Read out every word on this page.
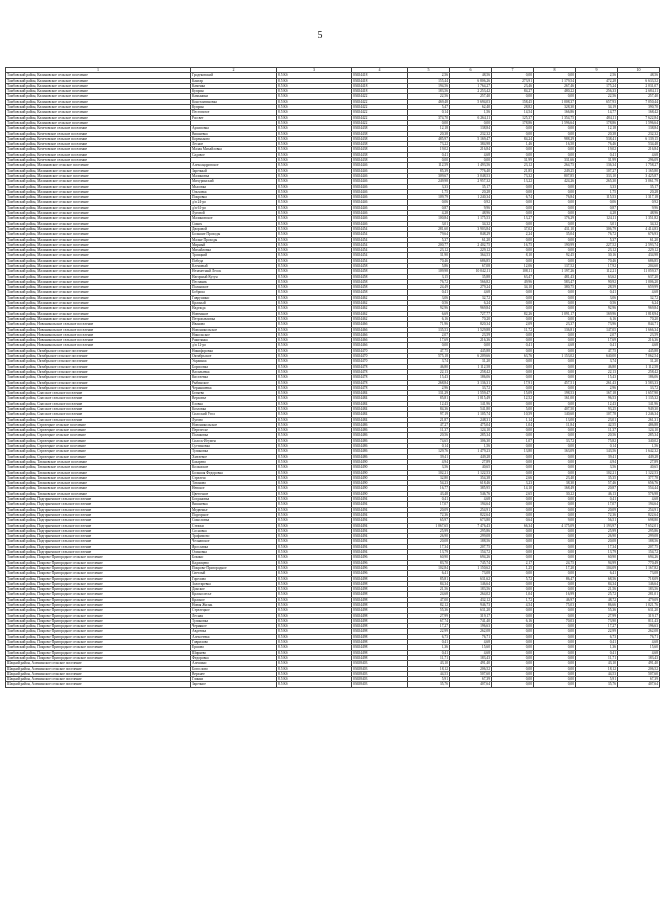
5
1	2	3	4	5	6	7	8	9	10
Тамбовский район, Калиновское сельское поселение	Гродековский	8.5 Кб	03654418	2,56	48,56	0,00	0,00	2,56	48,56
Тамбовский район, Калиновское сельское поселение	Кантар	8.5 Кб	03654418	155,44	6 806,26	273,91	1 179,54	472,28	6 633,52
Тамбовский район, Калиновское сельское поселение	Каменка	8.5 Кб	03654418	194,56	1 764,27	23,46	267,46	175,24	2 031,07
Тамбовский район, Калиновское сельское поселение	Куприн	8.5 Кб	03654418	183,56	2 253,42	84,27	480,22	256,33	2 684,11
Тамбовский район, Калиновское сельское поселение	Камынина	8.5 Кб	03654422	22,56	257,40	0,00	0,00	22,56	257,40
Тамбовский район, Калиновское сельское поселение	Константиновка	8.5 Кб	03654422	469,48	5 694,03	158,45	1 008,37	657,93	7 050,44
Тамбовский район, Калиновское сельское поселение	Куприн	8.5 Кб	03654422	5,47	62,40	28,82	328,30	34,19	390,70
Тамбовский район, Калиновское сельское поселение	Пестоватое	8.5 Кб	03654422	0,14	1,56	14,54	166,86	14,77	168,42
Тамбовский район, Калиновское сельское поселение	Рассвет	8.5 Кб	03654422	374,70	6 264,11	125,37	1 354,75	484,11	7 622,84
Тамбовский район, Калиновское сельское поселение		8.5 Кб	03654422	0,00	0,00	178,86	1 596,64	178,86	1 596,64
Тамбовский район, Кочетовское сельское поселение	Архиповка	8.5 Кб	03654438	12,18	138,84	0,00	0,00	12,18	138,84
Тамбовский район, Кочетовское сельское поселение	Вишневка	8.5 Кб	03654438	20,38	232,32	0,00	0,00	20,38	232,32
Тамбовский район, Кочетовское сельское поселение	Кореньково	8.5 Кб	03654438	485,97	5 169,47	84,24	988,29	538,41	6 139,15
Тамбовский район, Кочетовское сельское поселение	Лесное	8.5 Кб	03654438	73,22	384,98	1,46	16,50	76,46	534,48
Тамбовский район, Кочетовское сельское поселение	Малая Михайловка	8.5 Кб	03654438	19,02	216,84	0,00	0,00	19,02	216,84
Тамбовский район, Кочетовское сельское поселение	Садовое	8.5 Кб	03654438	0,41	4,68	0,00	0,00	0,41	4,68
Тамбовский район, Кочетовское сельское поселение		8.5 Кб	03654438	0,00	0,00	31,99	331,66	31,99	296,09
Тамбовский район, Малиновское сельское поселение	Александровское	8.5 Кб	03654446	112,59	1 493,56	23,12	264,75	136,34	1 758,27
Тамбовский район, Малиновское сельское поселение	Заречный	8.5 Кб	03654446	85,39	776,40	21,85	249,25	107,27	1 165,80
Тамбовский район, Малиновское сельское поселение	Малиновка	8.5 Кб	03654446	309,67	3 048,53	73,32	807,85	333,10	3 425,87
Тамбовский район, Малиновское сельское поселение	Мичуринский	8.5 Кб	03654446	249,98	2 957,32	13,22	424,26	265,30	3 061,79
Тамбовский район, Малиновское сельское поселение	Мысовка	8.5 Кб	03654446	3,33	35,17	0,00	0,00	3,33	35,17
Тамбовский район, Малиновское сельское поселение	Ольховка	8.5 Кб	03654446	1,75	20,28	0,00	0,00	1,75	20,28
Тамбовский район, Малиновское сельское поселение	Покровка	8.5 Кб	03654446	109,79	1 240,34	6,74	76,84	115,53	1 317,18
Тамбовский район, Малиновское сельское поселение	д/п 24-ро	8.5 Кб	03654446	0,06	0,92	0,00	0,00	0,06	0,92
Тамбовский район, Малиновское сельское поселение	д/п 61-ро	8.5 Кб	03654446	0,87	9,96	0,00	0,00	0,87	9,96
Тамбовский район, Малиновское сельское поселение	Луговой	8.5 Кб	03654446	4,28	48,96	0,00	0,00	4,28	48,96
Тамбовский район, Малиновское сельское поселение	Малиновское	8.5 Кб	03654446	100,84	1 175,53	13,27	176,29	124,11	1 351,82
Тамбовский район, Малиновское сельское поселение	Смыгь	8.5 Кб	03654446	3,01	34,32	0,00	0,00	3,01	34,32
Тамбовский район, Малиновское сельское поселение	Дворовой	8.5 Кб	03654454	281,60	3 903,84	37,02	431,10	306,79	4 414,83
Тамбовский район, Малиновское сельское поселение	Большие Проходы	8.5 Кб	03654454	79,64	848,29	2,24	35,04	76,72	676,93
Тамбовский район, Малиновское сельское поселение	Малые Проходы	8.5 Кб	03654454	5,37	61,20	0,00	0,00	5,37	61,20
Тамбовский район, Малиновское сельское поселение	Мирный	8.5 Кб	03654454	200,77	2 402,75	16,75	190,99	227,52	2 593,74
Тамбовский район, Малиновское сельское поселение	Михайловка	8.5 Кб	03654454	23,12	229,12	0,00	0,00	23,12	229,12
Тамбовский район, Малиновское сельское поселение	Троицкий	8.5 Кб	03654454	31,90	364,53	8,10	92,45	30,16	434,98
Тамбовский район, Малиновское сельское поселение	Победа	8.5 Кб	03654454	70,46	686,85	0,00	0,00	70,46	686,85
Тамбовский район, Малиновское сельское поселение	Кленовый	8.5 Кб	03654458	5,86	67,08	12,06	137,52	17,92	204,60
Тамбовский район, Малиновское сельское поселение	Незаметный Лесок	8.5 Кб	03654458	109,98	10 042,11	108,11	1 197,26	112,21	11 059,37
Тамбовский район, Малиновское сельское поселение	Нагорный Кутун	8.5 Кб	03654458	3,15	35,88	63,47	481,43	63,62	637,20
Тамбовский район, Малиновское сельское поселение	Песчаник	8.5 Кб	03654458	76,72	566,82	49,96	583,47	90,92	1 006,20
Тамбовский район, Малиновское сельское поселение	Полянское	8.5 Кб	03654458	24,49	279,24	34,10	380,75	28,59	659,99
Тамбовский район, Малиновское сельское поселение	Бобриха	8.5 Кб	03654458	0,41	4,68	0,00	0,00	0,41	4,68
Тамбовский район, Малиновское сельское поселение	Гаврушино	8.5 Кб	03654462	3,06	32,72	0,00	0,00	3,06	32,72
Тамбовский район, Малиновское сельское поселение	Красный	8.5 Кб	03654462	0,56	6,24	0,00	0,00	0,56	6,24
Тамбовский район, Малиновское сельское поселение	Надежда	8.5 Кб	03654462	92,96	969,84	0,00	0,00	92,96	969,84
Тамбовский район, Малиновское сельское поселение	Новенькое	8.5 Кб	03654462	6,69	727,77	82,26	1 091,17	169,96	1 818,94
Тамбовский район, Малиновское сельское поселение	Петропавловка	8.5 Кб	03654462	6,16	70,20	0,00	0,00	6,16	70,20
Тамбовский район, Новоникольское сельское поселение	Иваново	8.5 Кб	03654466	71,96	820,34	2,09	23,37	73,96	844,71
Тамбовский район, Новоникольское сельское поселение	Новоникольское	8.5 Кб	03654466	135,53	1 529,88	11,72	136,81	147,05	1 666,34
Тамбовский район, Новоникольское сельское поселение	Никольское	8.5 Кб	03654466	2,07	23,59	0,00	0,00	2,07	23,59
Тамбовский район, Новоникольское сельское поселение	Ракитянка	8.5 Кб	03654466	17,69	216,36	0,00	0,00	17,69	216,36
Тамбовский район, Новоникольское сельское поселение	д/п 12-ро	8.5 Кб	03654466	0,00	0,00	0,41	4,68	0,41	4,68
Тамбовский район, Октябрьское сельское поселение	Никифоровка	8.5 Кб	03654470	47,75	445,88	0,00	0,00	47,75	445,88
Тамбовский район, Октябрьское сельское поселение	Октябрьское	8.5 Кб	03654470	575,18	6 209,66	63,76	1 153,02	640,00	7 062,54
Тамбовский район, Октябрьское сельское поселение	Украинка	8.5 Кб	03654470	3,74	31,20	0,00	0,00	3,74	31,20
Тамбовский район, Октябрьское сельское поселение	Борисовка	8.5 Кб	03654478	46,80	1 112,58	0,00	0,00	46,80	1 112,58
Тамбовский район, Октябрьское сельское поселение	Васильевка	8.5 Кб	03654478	22,13	258,42	0,00	0,00	22,13	258,42
Тамбовский район, Октябрьское сельское поселение	Киселевка	8.5 Кб	03654478	15,43	186,06	0,00	0,00	15,43	186,06
Тамбовский район, Октябрьское сельское поселение	Рыбинское	8.5 Кб	03654478	268,84	3 136,31	17,91	457,51	261,43	3 583,33
Тамбовский район, Октябрьское сельское поселение	Чернышевка	8.5 Кб	03654478	2,96	33,72	0,00	0,00	2,96	33,72
Тамбовский район, Спасское сельское поселение	Беляево	8.5 Кб	03654484	131,29	1 559,47	15,09	198,53	167,18	1 657,90
Тамбовский район, Спасское сельское поселение	Верховье	8.5 Кб	03654484	85,81	1 015,49	12,52	161,00	96,53	1 135,32
Тамбовский район, Спасское сельское поселение	Еловка	8.5 Кб	03654484	12,43	141,96	0,00	0,00	12,43	141,96
Тамбовский район, Спасское сельское поселение	Козловка	8.5 Кб	03654484	84,36	541,80	5,00	407,50	93,25	949,30
Тамбовский район, Спасское сельское поселение	Спасский Угол	8.5 Кб	03654484	97,19	1 105,74	10,59	140,60	107,78	1 246,34
Тамбовский район, Спасское сельское поселение	Лугово	8.5 Кб	03654484	21,87	248,31	1,14	13,00	23,01	261,31
Тамбовский район, Стрелецкое сельское поселение	Новоникольское	8.5 Кб	03654486	47,27	475,04	1,04	11,84	42,55	486,88
Тамбовский район, Стрелецкое сельское поселение	Перелесье	8.5 Кб	03654486	11,37	124,10	0,00	0,00	11,37	124,10
Тамбовский район, Стрелецкое сельское поселение	Поляковка	8.5 Кб	03654486	20,56	285,34	0,00	0,00	20,56	285,34
Тамбовский район, Стрелецкое сельское поселение	Спасск-Игумен	8.5 Кб	03654486	74,65	306,30	1,07	33,72	75,82	340,02
Тамбовский район, Стрелецкое сельское поселение	Суттиновка	8.5 Кб	03654486	0,14	1,56	0,00	0,00	0,14	1,56
Тамбовский район, Стрелецкое сельское поселение	Тулиновка	8.5 Кб	03654486	129,76	1 479,23	13,80	163,09	143,56	1 642,32
Тамбовский район, Стрелецкое сельское поселение	Хмелевое	8.5 Кб	03654486	39,41	449,28	0,00	0,00	39,41	449,28
Тамбовский район, Татановское сельское поселение	Бахарево	8.5 Кб	03654490	4,94	27,89	0,00	0,00	4,94	27,89
Тамбовский район, Татановское сельское поселение	Кольмское	8.5 Кб	03654490	3,56	40,65	0,00	0,00	3,56	40,65
Тамбовский район, Татановское сельское поселение	Большая Федоровка	8.5 Кб	03654490	102,21	1 122,53	0,00	0,00	102,21	1 122,53
Тамбовский район, Татановское сельское поселение	Стрелеш	8.5 Кб	03654490	32,80	354,38	2,66	23,40	35,35	377,78
Тамбовский район, Татановское сельское поселение	Татаново	8.5 Кб	03654490	54,23	618,46	3,23	38,30	57,46	656,76
Тамбовский район, Татановское сельское поселение	Невское	8.5 Кб	03654490	16,77	385,95	14,10	168,49	20,87	554,44
Тамбовский район, Татановское сельское поселение	Цветочное	8.5 Кб	03654490	43,48	546,76	2,65	30,22	46,13	576,98
Тамбовский район, Подгорненское сельское поселение	Богдановка	8.5 Кб	03654494	0,41	4,68	0,00	0,00	0,41	4,68
Тамбовский район, Подгорненское сельское поселение	Вишневка	8.5 Кб	03654494	17,07	194,64	0,00	0,00	17,07	194,64
Тамбовский район, Подгорненское сельское поселение	Медвежье	8.5 Кб	03654494	20,09	254,91	0,00	0,00	20,09	254,91
Тамбовский район, Подгорненское сельское поселение	Подгорное	8.5 Кб	03654494	72,36	822,64	0,00	0,00	72,36	822,64
Тамбовский район, Подгорненское сельское поселение	Смысловка	8.5 Кб	03654494	65,97	673,80	0,64	9,00	56,51	698,80
Тамбовский район, Подгорненское сельское поселение	Стежки	8.5 Кб	03654494	1 067,65	7 476,43	66,34	4 175,09	1 193,97	7 652,01
Тамбовский район, Подгорненское сельское поселение	Сосновка	8.5 Кб	03654494	25,99	295,86	0,00	0,00	25,99	295,86
Тамбовский район, Подгорненское сельское поселение	Трофимово	8.5 Кб	03654494	26,90	299,08	0,00	0,00	26,90	299,08
Тамбовский район, Подгорненское сельское поселение	Челнавское	8.5 Кб	03654494	20,08	188,56	0,00	0,00	20,08	188,56
Тамбовский район, Подгорненское сельское поселение	Ярославка	8.5 Кб	03654494	17,34	207,75	0,00	0,00	17,34	207,75
Тамбовский район, Подгорненское сельское поселение	Осиновка	8.5 Кб	03654494	13,79	154,72	0,00	0,00	13,79	154,72
Тамбовский район, Покрово-Пригородное сельское поселение	Бокино	8.5 Кб	03654496	60,90	694,26	0,00	0,00	60,90	694,26
Тамбовский район, Покрово-Пригородное сельское поселение	Кадомцево	8.5 Кб	03654496	83,70	745,74	2,17	24,75	94,99	770,49
Тамбовский район, Покрово-Пригородное сельское поселение	Покрово-Пригородное	8.5 Кб	03654496	102,84	1 150,62	1,25	17,20	104,09	1 167,82
Тамбовский район, Покрово-Пригородное сельское поселение	Светлый	8.5 Кб	03654496	6,41	73,08	0,00	0,00	6,41	73,08
Тамбовский район, Покрово-Пригородное сельское поселение	Горелово	8.5 Кб	03654498	85,81	631,62	5,72	86,47	68,56	718,09
Тамбовский район, Покрово-Пригородное сельское поселение	Золотаревка	8.5 Кб	03654498	84,34	146,64	0,00	0,00	84,34	146,64
Тамбовский район, Покрово-Пригородное сельское поселение	Донское	8.5 Кб	03654498	21,56	183,56	0,00	0,00	21,56	183,56
Тамбовский район, Покрово-Пригородное сельское поселение	Краснолесье	8.5 Кб	03654498	24,68	264,02	1,04	16,99	25,72	281,01
Тамбовский район, Покрово-Пригородное сельское поселение	Красное	8.5 Кб	03654498	47,00	432,12	1,72	46,97	48,72	479,09
Тамбовский район, Покрово-Пригородное сельское поселение	Новая Жизнь	8.5 Кб	03654498	82,12	946,73	4,54	75,03	86,66	1 021,76
Тамбовский район, Покрово-Пригородное сельское поселение	Стрелецкое	8.5 Кб	03654498	55,36	631,20	0,00	0,00	55,36	631,20
Тамбовский район, Покрово-Пригородное сельское поселение	Лесная	8.5 Кб	03654498	27,99	319,17	0,00	0,00	27,99	319,17
Тамбовский район, Покрово-Пригородное сельское поселение	Тулиновка	8.5 Кб	03654498	67,74	741,40	6,16	70,03	73,90	811,43
Тамбовский район, Покрово-Пригородное сельское поселение	Черняное	8.5 Кб	03654498	17,27	196,63	0,00	0,00	17,27	196,63
Тамбовский район, Покрово-Пригородное сельское поселение	Авдеевка	8.5 Кб	03654498	22,99	262,08	0,00	0,00	22,99	262,08
Тамбовский район, Покрово-Пригородное сельское поселение	Алексеевка	8.5 Кб	03654498	6,73	76,71	0,00	0,00	6,73	76,71
Тамбовский район, Покрово-Пригородное сельское поселение	Гаврилово	8.5 Кб	03654498	0,41	4,68	0,00	0,00	0,41	4,68
Тамбовский район, Покрово-Пригородное сельское поселение	Ершово	8.5 Кб	03654498	1,36	15,60	0,00	0,00	1,36	15,60
Тамбовский район, Покрово-Пригородное сельское поселение	Ширяево	8.5 Кб	03654498	0,41	4,68	0,00	0,00	0,41	4,68
Тамбовский район, Покрово-Пригородное сельское поселение	Федоровка	8.5 Кб	03654498	11,71	183,43	0,00	0,00	11,71	183,43
Шацкий район, Алешинское сельское поселение	Алешино	8.5 Кб	03658403	43,10	491,40	0,00	0,00	43,10	491,40
Шацкий район, Алешинское сельское поселение	Богослово	8.5 Кб	03658403	18,12	206,52	0,00	0,00	18,12	206,52
Шацкий район, Алешинское сельское поселение	Верхнее	8.5 Кб	03658403	44,53	507,60	0,00	0,00	44,53	507,60
Шацкий район, Алешинское сельское поселение	Глинки	8.5 Кб	03658403	5,91	67,39	0,00	0,00	5,91	67,39
Шацкий район, Алешинское сельское поселение	Заречное	8.5 Кб	03658403	35,76	407,64	0,00	0,00	35,76	407,64
